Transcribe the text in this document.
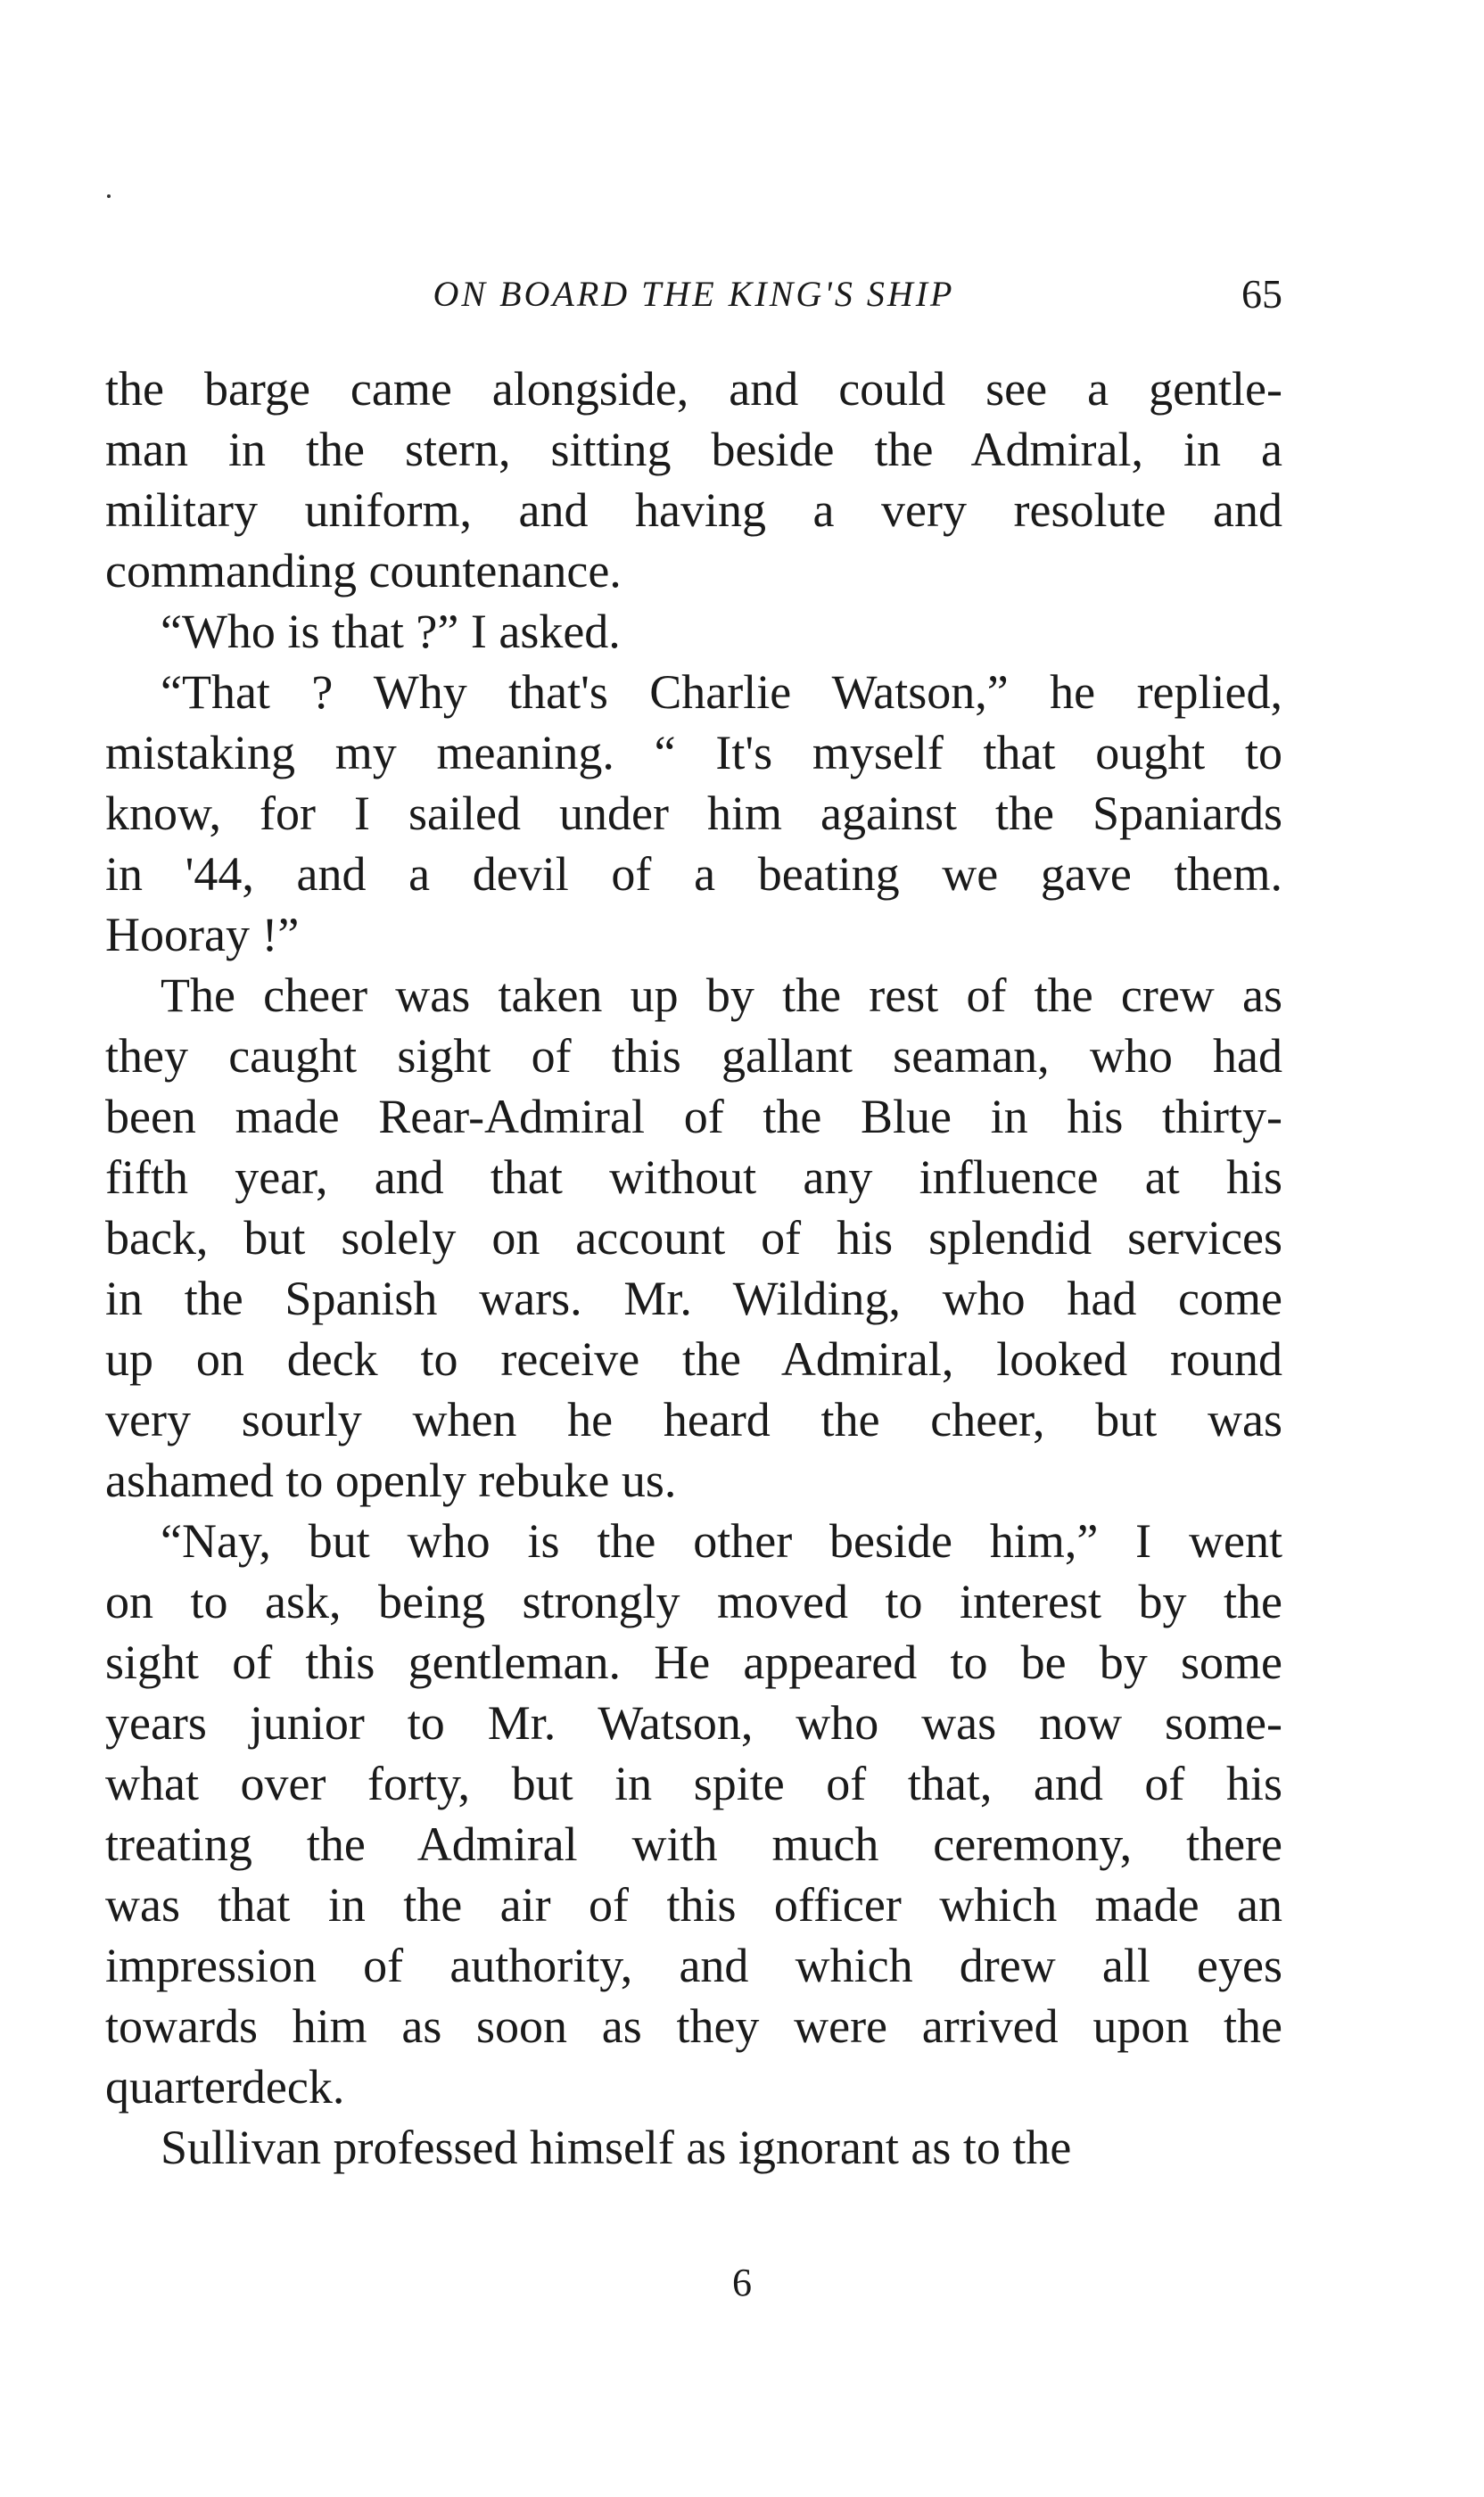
ON BOARD THE KING'S SHIP	65

the barge came alongside, and could see a gentle-
man in the stern, sitting beside the Admiral, in a
military uniform, and having a very resolute and
commanding countenance.

“Who is that ?” I asked.

“That ? Why that's Charlie Watson,” he replied,
mistaking my meaning. “ It's myself that ought to
know, for I sailed under him against the Spaniards
in '44, and a devil of a beating we gave them.
Hooray !”

The cheer was taken up by the rest of the crew as
they caught sight of this gallant seaman, who had
been made Rear-Admiral of the Blue in his thirty-
fifth year, and that without any influence at his
back, but solely on account of his splendid services
in the Spanish wars. Mr. Wilding, who had come
up on deck to receive the Admiral, looked round
very sourly when he heard the cheer, but was
ashamed to openly rebuke us.

“Nay, but who is the other beside him,” I went
on to ask, being strongly moved to interest by the
sight of this gentleman. He appeared to be by some
years junior to Mr. Watson, who was now some-
what over forty, but in spite of that, and of his
treating the Admiral with much ceremony, there
was that in the air of this officer which made an
impression of authority, and which drew all eyes
towards him as soon as they were arrived upon the
quarterdeck.

Sullivan professed himself as ignorant as to the

6
